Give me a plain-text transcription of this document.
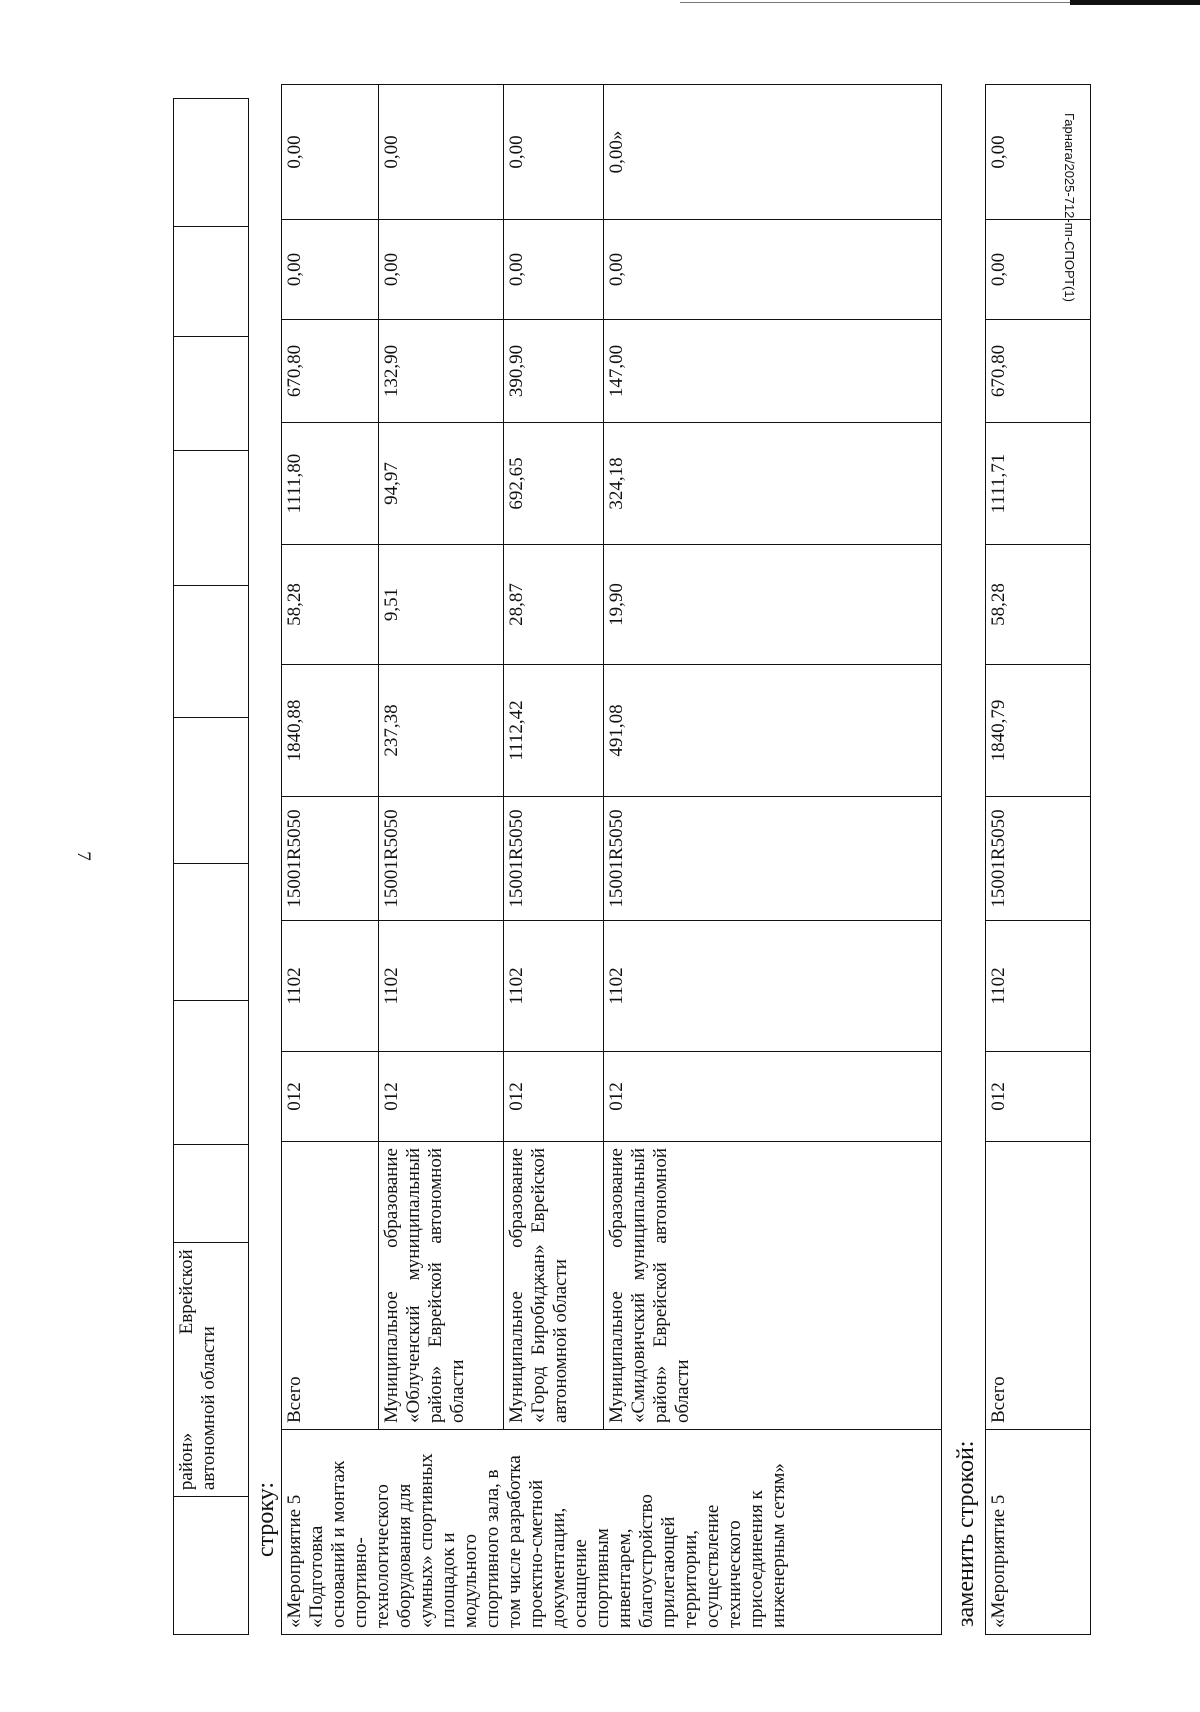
7
Гарнага/2025-712-пп-СПОРТ(1)
	район» Еврейской автономной области									
строку: «Мероприятие 5 «Подготовка оснований и монтаж спортивно-технологического оборудования для «умных» спортивных площадок и модульного спортивного зала, в том числе разработка проектно-сметной документации, оснащение спортивным инвентарем, благоустройство прилегающей территории, осуществление технического присоединения к инженерным сетям»	Всего	012	1102	15001R5050	1840,88	58,28	1111,80	670,80	0,00	0,00
	Муниципальное образование «Облученский муниципальный район» Еврейской автономной области	012	1102	15001R5050	237,38	9,51	94,97	132,90	0,00	0,00
	Муниципальное образование «Город Биробиджан» Еврейской автономной области	012	1102	15001R5050	1112,42	28,87	692,65	390,90	0,00	0,00
	Муниципальное образование «Смидовичский муниципальный район» Еврейской автономной области	012	1102	15001R5050	491,08	19,90	324,18	147,00	0,00	0,00»
заменить строкой: «Мероприятие 5	Всего	012	1102	15001R5050	1840,79	58,28	1111,71	670,80	0,00	0,00
